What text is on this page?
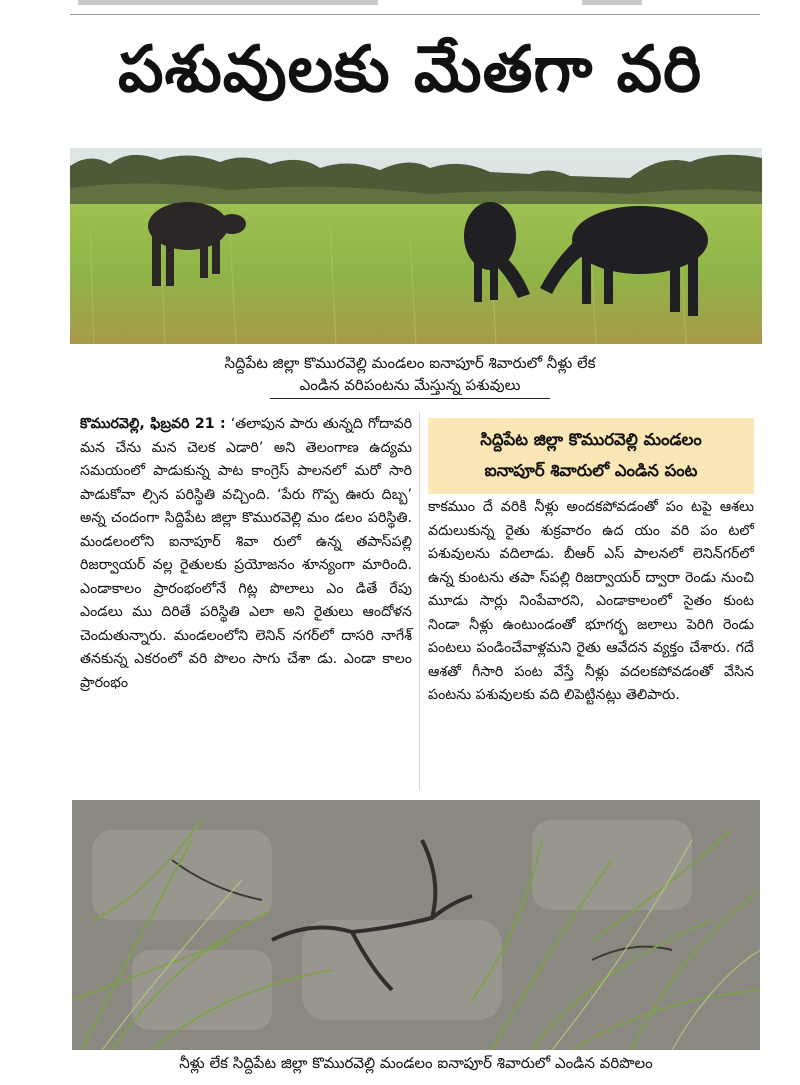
పశువులకు మేతగా వరి
సిద్దిపేట జిల్లా కొమురవెల్లి మండలం ఐనాపూర్ శివారులో నీళ్లు లేక
ఎండిన వరిపంటను మేస్తున్న పశువులు

కొమురవెల్లి, ఫిబ్రవరి 21 : ‘తలాపున పారు తున్నది గోదావరి మన చేను మన చెలక ఎడారి’ అని తెలంగాణ ఉద్యమ సమయంలో పాడుకున్న పాట కాంగ్రెస్ పాలనలో మరో సారి పాడుకోవా ల్సిన పరిస్థితి వచ్చింది. ‘పేరు గొప్ప ఊరు దిబ్బ’ అన్న చందంగా సిద్దిపేట జిల్లా కొమురవెల్లి మం డలం పరిస్థితి. మండలంలోని ఐనాపూర్ శివా రులో ఉన్న తపాస్‌పల్లి రిజర్వాయర్ వల్ల రైతులకు ప్రయోజనం శూన్యంగా మారింది. ఎండాకాలం ప్రారంభంలోనే గిట్ల పొలాలు ఎం డితే రేపు ఎండలు ము దిరితే పరిస్థితి ఎలా అని రైతులు ఆందోళన చెందుతున్నారు. మండలంలోని లెనిన్ నగర్‌లో దాసరి నాగేశ్ తనకున్న ఎకరంలో వరి పొలం సాగు చేశా డు. ఎండా కాలం ప్రారంభం

సిద్దిపేట జిల్లా కొమురవెల్లి మండలం
ఐనాపూర్ శివారులో ఎండిన పంట

కాకముం దే వరికి నీళ్లు అందకపోవడంతో పం టపై ఆశలు వదులుకున్న రైతు శుక్రవారం ఉద యం వరి పం టలో పశువులను వదిలాడు. బీఆర్ ఎస్ పాలనలో లెనిన్‌గర్‌లో ఉన్న కుంటను తపా స్‌పల్లి రిజర్వాయర్ ద్వారా రెండు నుంచి మూడు సార్లు నింపేవారని, ఎండాకాలంలో సైతం కుంట నిండా నీళ్లు ఉంటుండంతో భూగర్భ జలాలు పెరిగి రెండు పంటలు పండించేవాళ్లమని రైతు ఆవేదన వ్యక్తం చేశారు. గదే ఆశతో గీసారి పంట వేస్తే నీళ్లు వదలకపోవడంతో వేసిన పంటను పశువులకు వది లిపెట్టినట్లు తెలిపారు.

నీళ్లు లేక సిద్దిపేట జిల్లా కొమురవెల్లి మండలం ఐనాపూర్ శివారులో ఎండిన వరిపొలం
